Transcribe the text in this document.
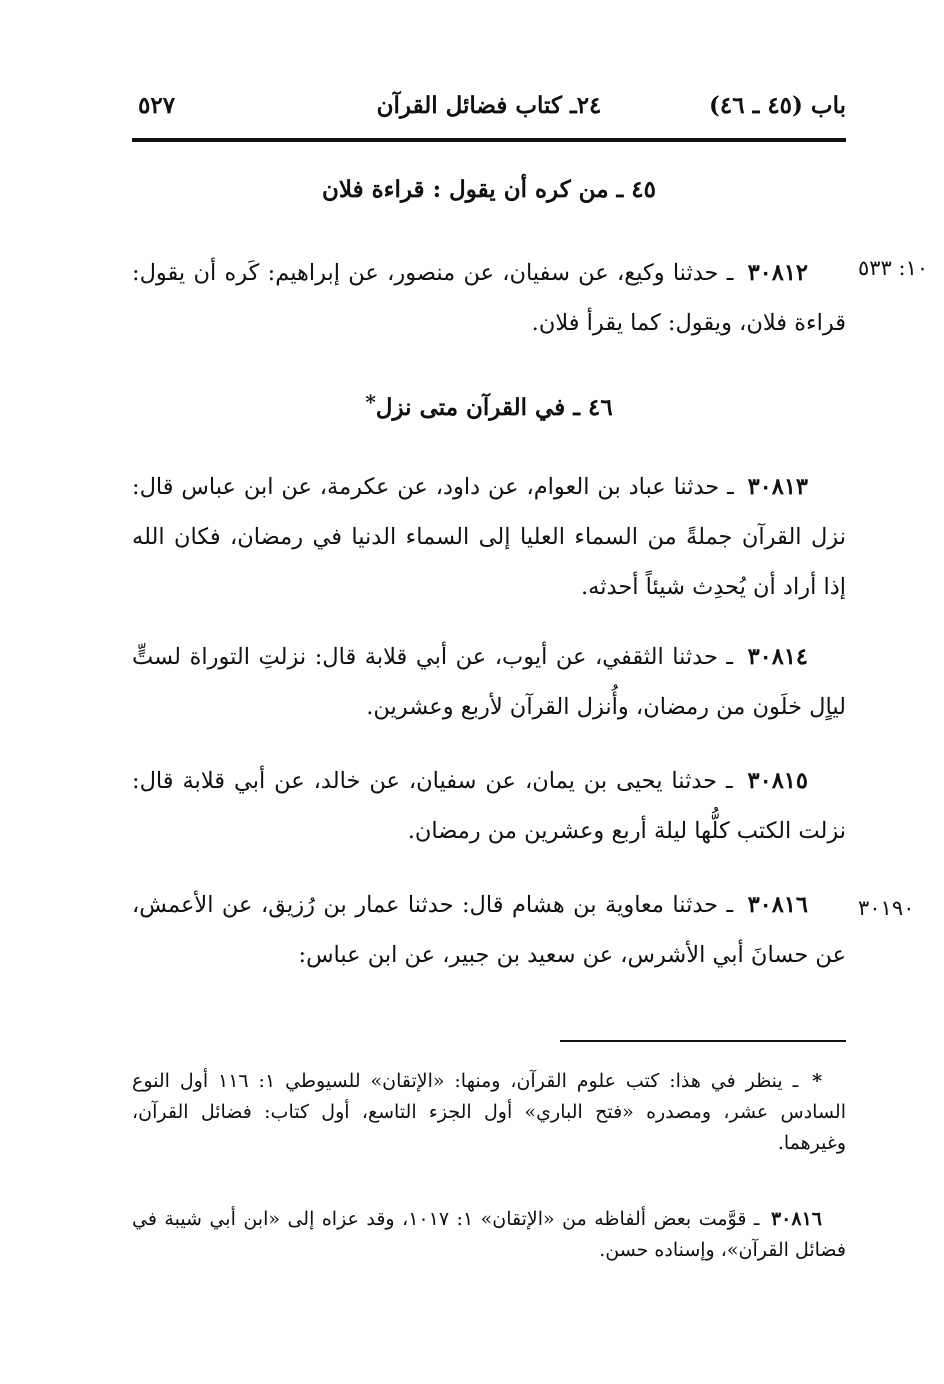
باب (٤٥ ـ ٤٦)
٢٤ـ كتاب فضائل القرآن
٥٢٧
٤٥ ـ من كره أن يقول : قراءة فلان
١٠: ٥٣٣

٣٠٨١٢ ـ حدثنا وكيع، عن سفيان، عن منصور، عن إبراهيم: كَره أن يقول: قراءة فلان، ويقول: كما يقرأ فلان.

٤٦ ـ في القرآن متى نزل*

٣٠٨١٣ ـ حدثنا عباد بن العوام، عن داود، عن عكرمة، عن ابن عباس قال: نزل القرآن جملةً من السماء العليا إلى السماء الدنيا في رمضان، فكان الله إذا أراد أن يُحدِث شيئاً أحدثه.

٣٠٨١٤ ـ حدثنا الثقفي، عن أيوب، عن أبي قلابة قال: نزلتِ التوراة لستٍّ لياٍل خلَون من رمضان، وأُنزل القرآن لأربع وعشرين.

٣٠٨١٥ ـ حدثنا يحيى بن يمان، عن سفيان، عن خالد، عن أبي قلابة قال: نزلت الكتب كلُّها ليلة أربع وعشرين من رمضان.

٣٠١٩٠

٣٠٨١٦ ـ حدثنا معاوية بن هشام قال: حدثنا عمار بن رُزيق، عن الأعمش، عن حسانَ أبي الأشرس، عن سعيد بن جبير، عن ابن عباس:

* ـ ينظر في هذا: كتب علوم القرآن، ومنها: «الإتقان» للسيوطي ١: ١١٦ أول النوع السادس عشر، ومصدره «فتح الباري» أول الجزء التاسع، أول كتاب: فضائل القرآن، وغيرهما.

٣٠٨١٦ ـ قوَّمت بعض ألفاظه من «الإتقان» ١: ١٠١٧، وقد عزاه إلى «ابن أبي شيبة في فضائل القرآن»، وإسناده حسن.
